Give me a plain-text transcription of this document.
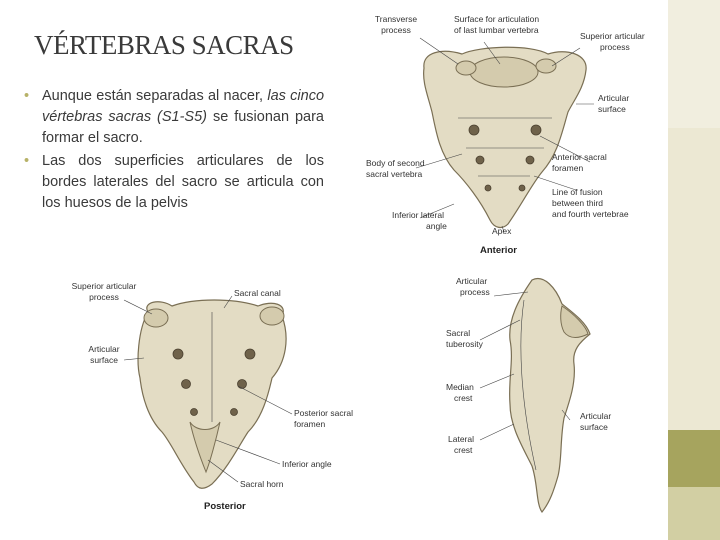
VÉRTEBRAS SACRAS
• Aunque están separadas al nacer, las cinco vértebras sacras (S1-S5) se fusionan para formar el sacro.
• Las dos superficies articulares de los bordes laterales del sacro se articula con los huesos de la pelvis
Transverse process
Surface for articulation of last lumbar vertebra
Superior articular process
Articular surface
Body of second sacral vertebra
Anterior sacral foramen
Line of fusion between third and fourth vertebrae
Inferior lateral angle	Apex
Anterior
Superior articular process	Sacral canal
Articular surface
Posterior sacral foramen
Inferior angle
Sacral horn
Posterior
Articular process
Sacral tuberosity
Median crest
Articular surface
Lateral crest
